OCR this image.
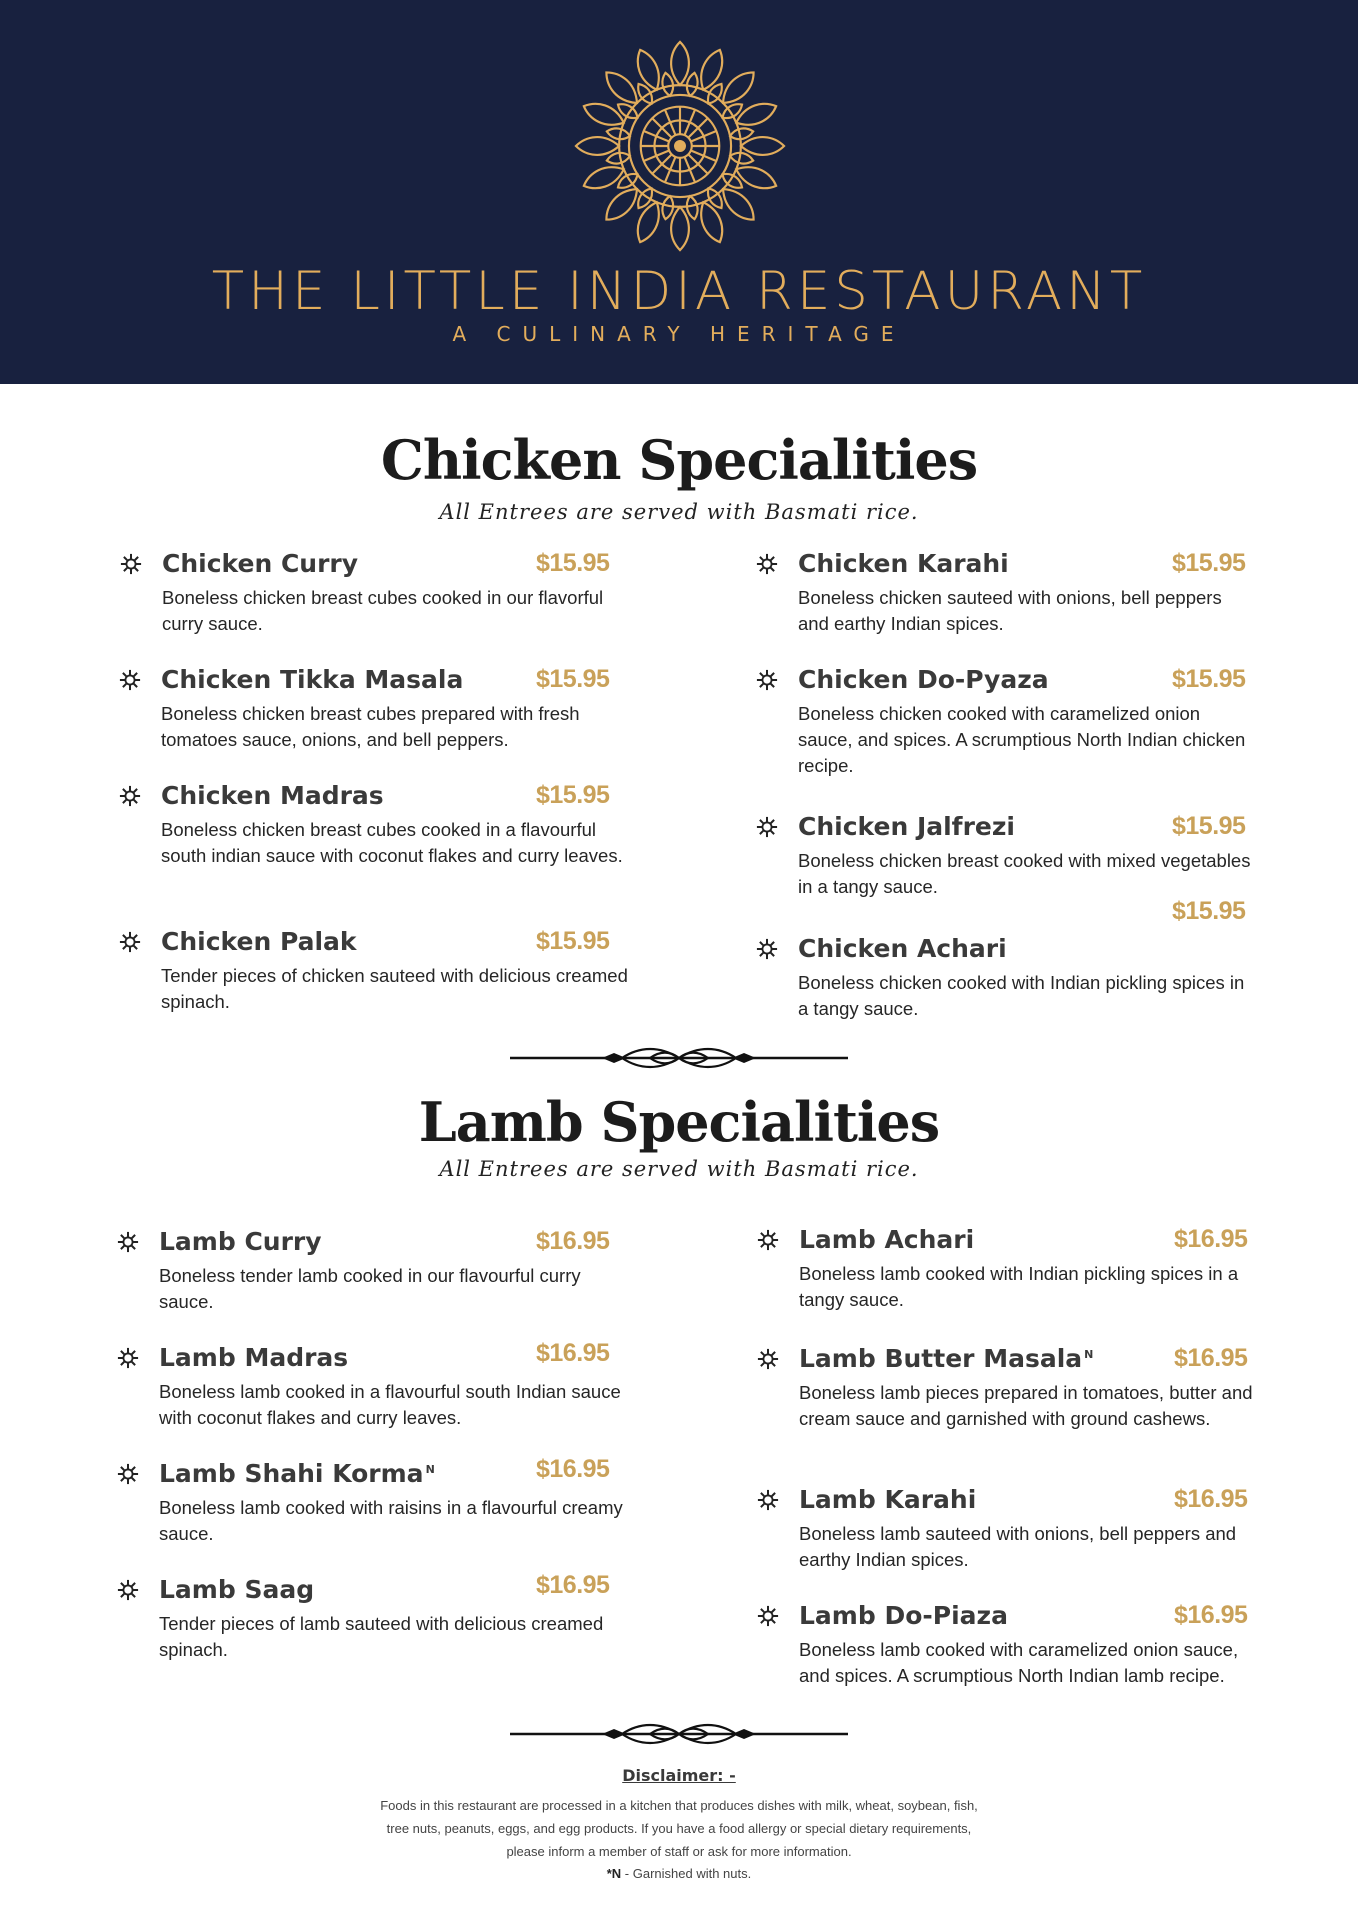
THE LITTLE INDIA RESTAURANT
A CULINARY HERITAGE
Chicken Specialities
All Entrees are served with Basmati rice.
Chicken Curry
Boneless chicken breast cubes cooked in our flavorful curry sauce.
$15.95
Chicken Tikka Masala
Boneless chicken breast cubes prepared with fresh tomatoes sauce, onions, and bell peppers.
$15.95
Chicken Madras
Boneless chicken breast cubes cooked in a flavourful south indian sauce with coconut flakes and curry leaves.
$15.95
Chicken Palak
Tender pieces of chicken sauteed with delicious creamed spinach.
$15.95
Chicken Karahi
Boneless chicken sauteed with onions, bell peppers and earthy Indian spices.
$15.95
Chicken Do-Pyaza
Boneless chicken cooked with caramelized onion sauce, and spices. A scrumptious North Indian chicken recipe.
$15.95
Chicken Jalfrezi
Boneless chicken breast cooked with mixed vegetables in a tangy sauce.
$15.95
$15.95
Chicken Achari
Boneless chicken cooked with Indian pickling spices in a tangy sauce.
Lamb Specialities
All Entrees are served with Basmati rice.
Lamb Curry
Boneless tender lamb cooked in our flavourful curry sauce.
$16.95
Lamb Madras
Boneless lamb cooked in a flavourful south Indian sauce with coconut flakes and curry leaves.
$16.95
Lamb Shahi Korma $^N$
Boneless lamb cooked with raisins in a flavourful creamy sauce.
$16.95
Lamb Saag
Tender pieces of lamb sauteed with delicious creamed spinach.
$16.95
Lamb Achari
Boneless lamb cooked with Indian pickling spices in a tangy sauce.
$16.95
Lamb Butter Masala $^N$
Boneless lamb pieces prepared in tomatoes, butter and cream sauce and garnished with ground cashews.
$16.95
Lamb Karahi
Boneless lamb sauteed with onions, bell peppers and earthy Indian spices.
$16.95
Lamb Do-Piaza
Boneless lamb cooked with caramelized onion sauce, and spices. A scrumptious North Indian lamb recipe.
$16.95
Disclaimer: -
Foods in this restaurant are processed in a kitchen that produces dishes with milk, wheat, soybean, fish, tree nuts, peanuts, eggs, and egg products. If you have a food allergy or special dietary requirements, please inform a member of staff or ask for more information.
*N - Garnished with nuts.
